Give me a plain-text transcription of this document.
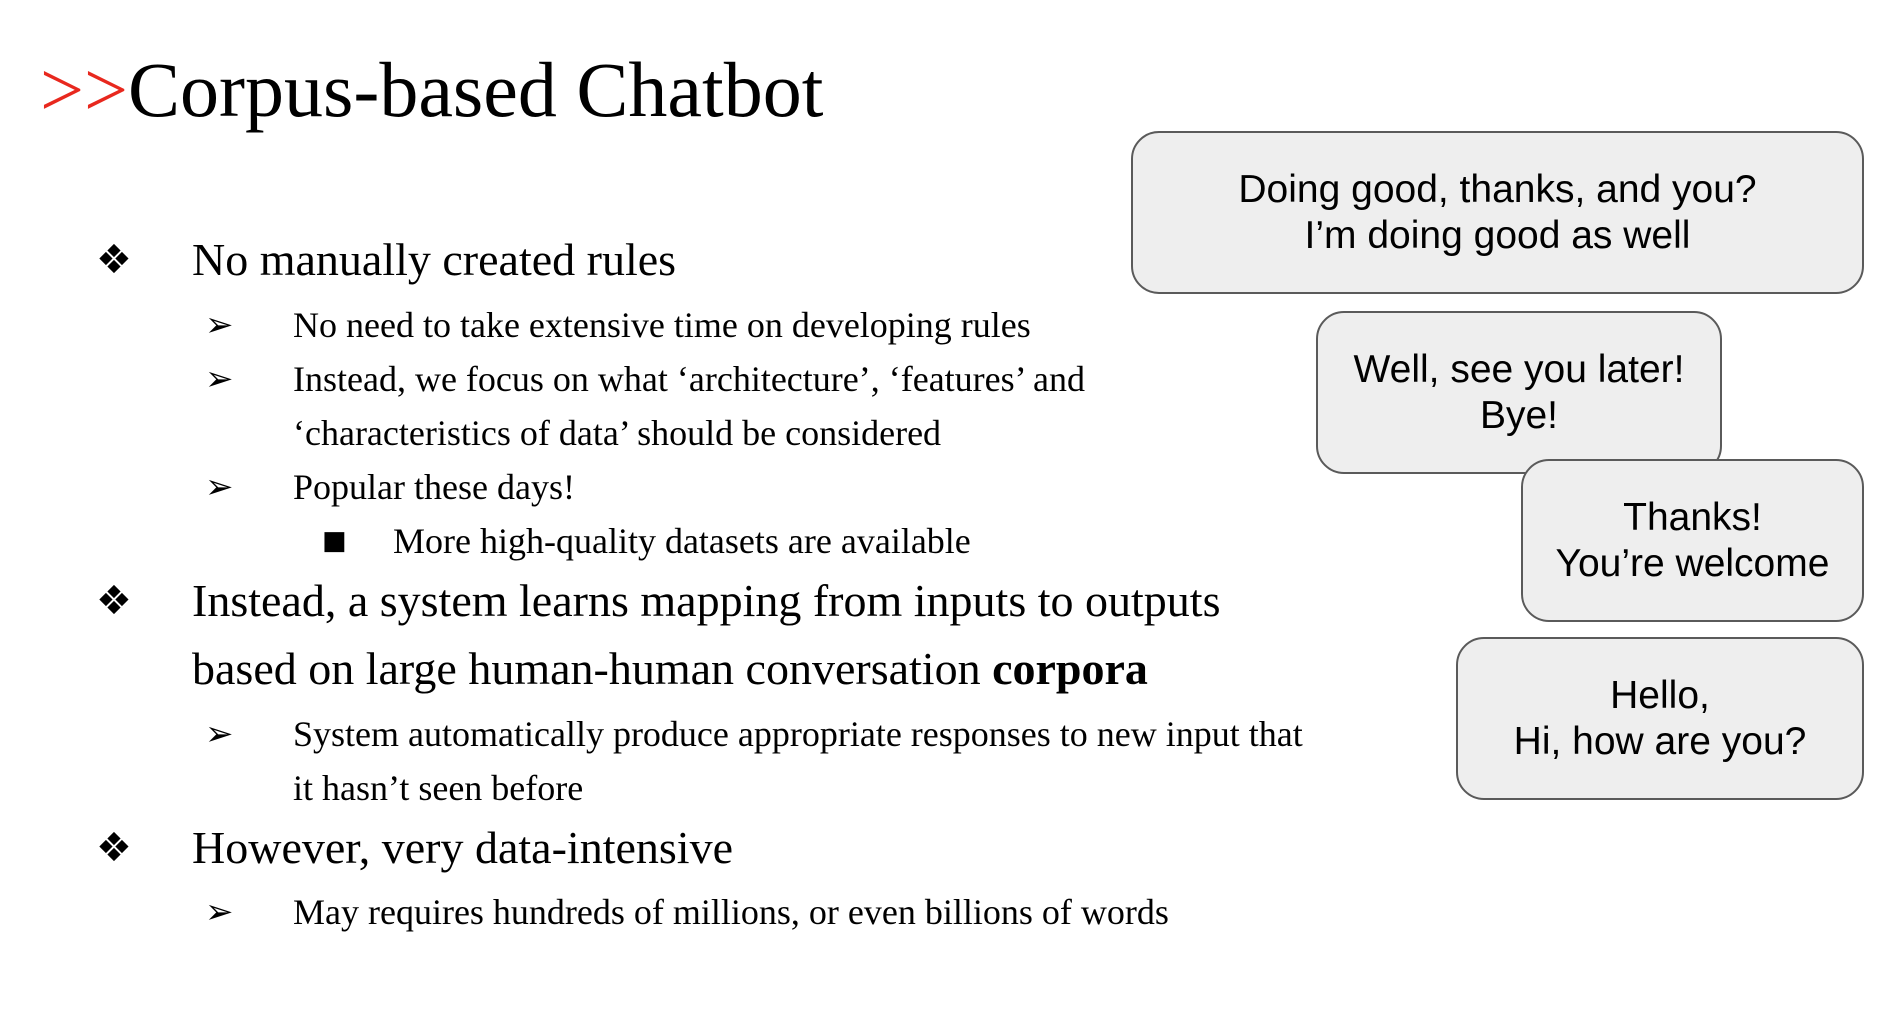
>>Corpus-based Chatbot
❖ No manually created rules
➢ No need to take extensive time on developing rules
➢ Instead, we focus on what ‘architecture’, ‘features’ and
‘characteristics of data’ should be considered
➢ Popular these days!
■ More high-quality datasets are available
❖ Instead, a system learns mapping from inputs to outputs
based on large human-human conversation corpora
➢ System automatically produce appropriate responses to new input that
it hasn’t seen before
❖ However, very data-intensive
➢ May requires hundreds of millions, or even billions of words
Doing good, thanks, and you?
I’m doing good as well
Well, see you later!
Bye!
Thanks!
You’re welcome
Hello,
Hi, how are you?
